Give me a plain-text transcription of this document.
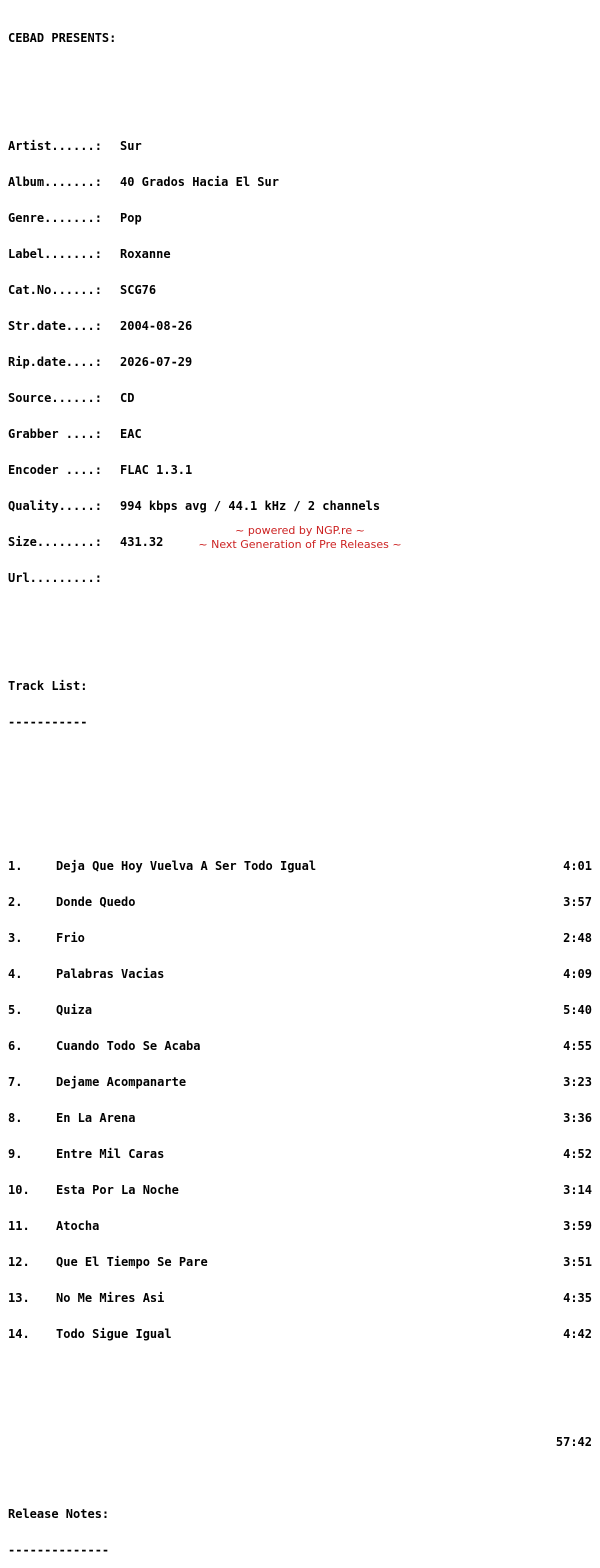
CEBAD PRESENTS:

Artist......:	Sur

Album.......:	40 Grados Hacia El Sur

Genre.......:	Pop

Label.......:	Roxanne

Cat.No......:	SCG76

Str.date....:	2004-08-26

Rip.date....:	2026-07-29

Source......:	CD

Grabber ....:	EAC

Encoder ....:	FLAC 1.3.1

Quality.....:	994 kbps avg / 44.1 kHz / 2 channels

Size........:	431.32

Url.........:

Track List:

-----------

1.	Deja Que Hoy Vuelva A Ser Todo Igual	4:01

2.	Donde Quedo	3:57

3.	Frio	2:48

4.	Palabras Vacias	4:09

5.	Quiza	5:40

6.	Cuando Todo Se Acaba	4:55

7.	Dejame Acompanarte	3:23

8.	En La Arena	3:36

9.	Entre Mil Caras	4:52

10.	Esta Por La Noche	3:14

11.	Atocha	3:59

12.	Que El Tiempo Se Pare	3:51

13.	No Me Mires Asi	4:35

14.	Todo Sigue Igual	4:42

57:42

Release Notes:

--------------

~ powered by NGP.re ~
~ Next Generation of Pre Releases ~
